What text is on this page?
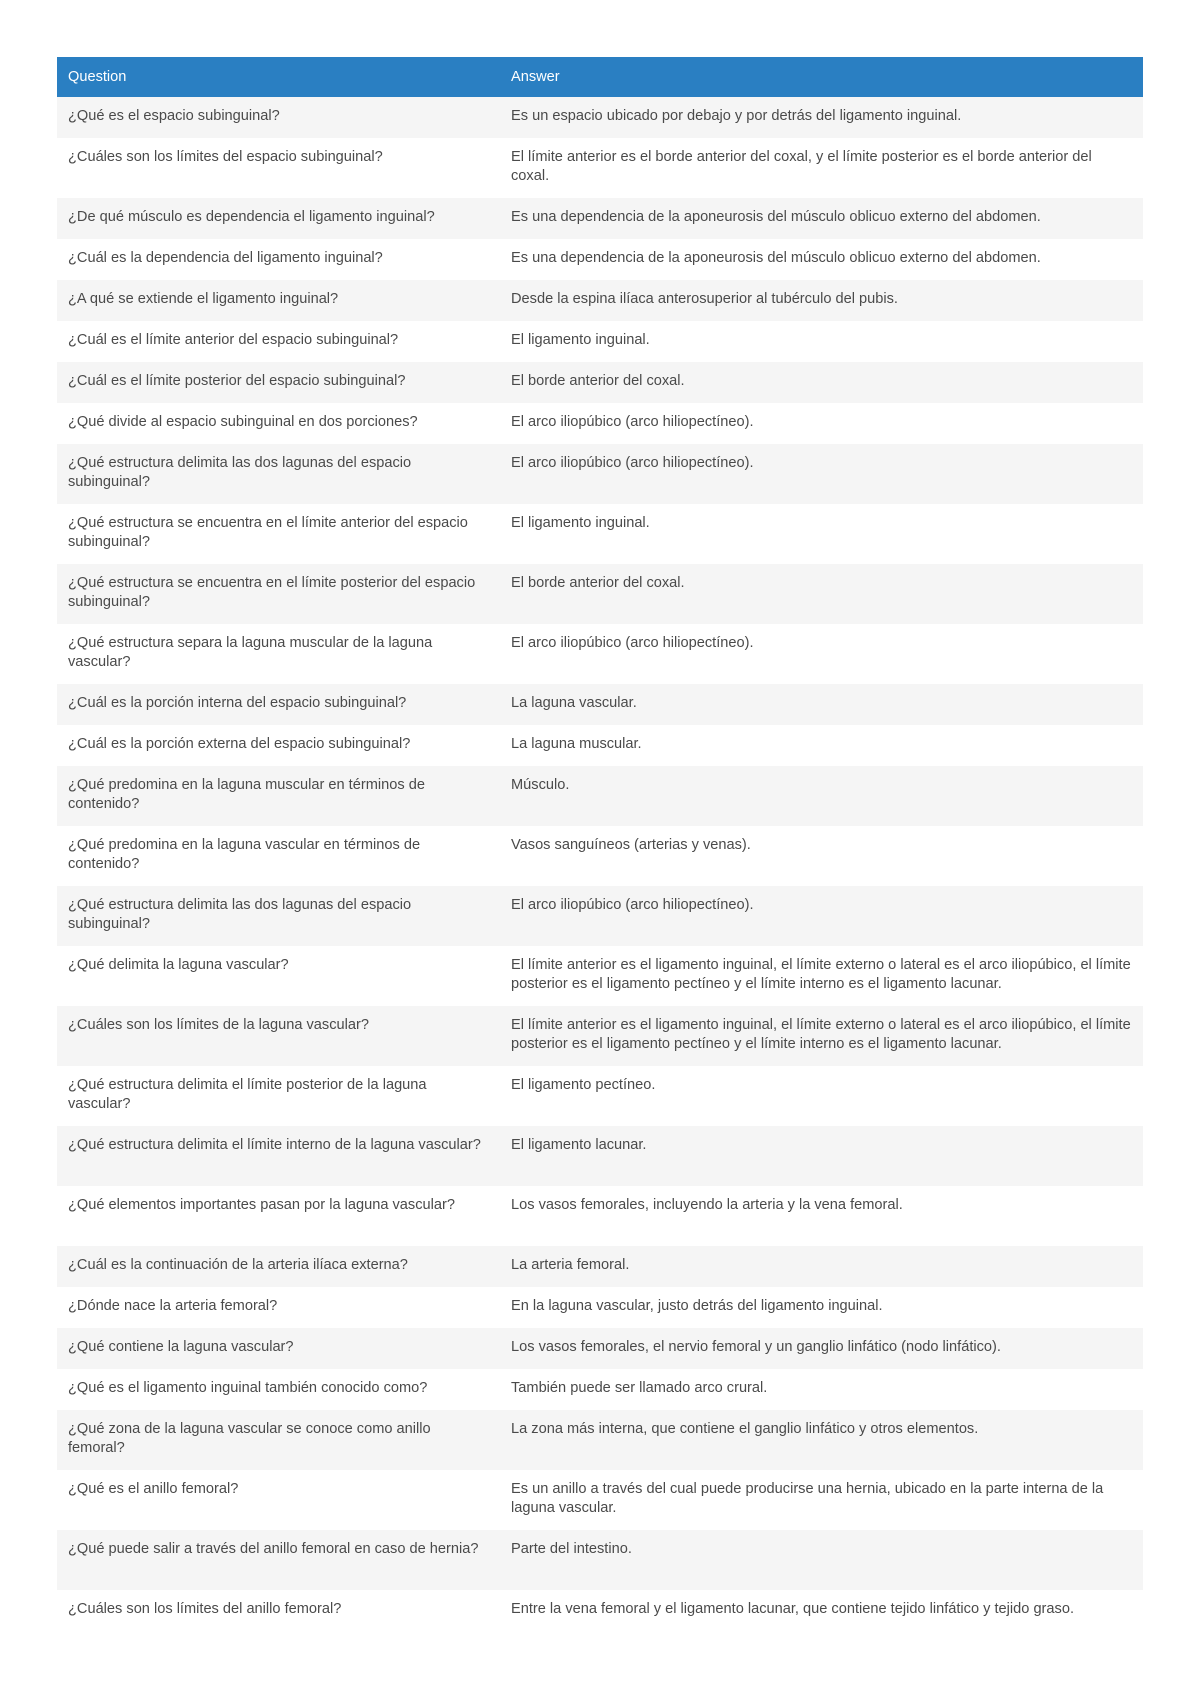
Question	Answer
¿Qué es el espacio subinguinal?	Es un espacio ubicado por debajo y por detrás del ligamento inguinal.
¿Cuáles son los límites del espacio subinguinal?	El límite anterior es el borde anterior del coxal, y el límite posterior es el borde anterior del coxal.
¿De qué músculo es dependencia el ligamento inguinal?	Es una dependencia de la aponeurosis del músculo oblicuo externo del abdomen.
¿Cuál es la dependencia del ligamento inguinal?	Es una dependencia de la aponeurosis del músculo oblicuo externo del abdomen.
¿A qué se extiende el ligamento inguinal?	Desde la espina ilíaca anterosuperior al tubérculo del pubis.
¿Cuál es el límite anterior del espacio subinguinal?	El ligamento inguinal.
¿Cuál es el límite posterior del espacio subinguinal?	El borde anterior del coxal.
¿Qué divide al espacio subinguinal en dos porciones?	El arco iliopúbico (arco hiliopectíneo).
¿Qué estructura delimita las dos lagunas del espacio subinguinal?	El arco iliopúbico (arco hiliopectíneo).
¿Qué estructura se encuentra en el límite anterior del espacio subinguinal?	El ligamento inguinal.
¿Qué estructura se encuentra en el límite posterior del espacio subinguinal?	El borde anterior del coxal.
¿Qué estructura separa la laguna muscular de la laguna vascular?	El arco iliopúbico (arco hiliopectíneo).
¿Cuál es la porción interna del espacio subinguinal?	La laguna vascular.
¿Cuál es la porción externa del espacio subinguinal?	La laguna muscular.
¿Qué predomina en la laguna muscular en términos de contenido?	Músculo.
¿Qué predomina en la laguna vascular en términos de contenido?	Vasos sanguíneos (arterias y venas).
¿Qué estructura delimita las dos lagunas del espacio subinguinal?	El arco iliopúbico (arco hiliopectíneo).
¿Qué delimita la laguna vascular?	El límite anterior es el ligamento inguinal, el límite externo o lateral es el arco iliopúbico, el límite posterior es el ligamento pectíneo y el límite interno es el ligamento lacunar.
¿Cuáles son los límites de la laguna vascular?	El límite anterior es el ligamento inguinal, el límite externo o lateral es el arco iliopúbico, el límite posterior es el ligamento pectíneo y el límite interno es el ligamento lacunar.
¿Qué estructura delimita el límite posterior de la laguna vascular?	El ligamento pectíneo.
¿Qué estructura delimita el límite interno de la laguna vascular?	El ligamento lacunar.
¿Qué elementos importantes pasan por la laguna vascular?	Los vasos femorales, incluyendo la arteria y la vena femoral.
¿Cuál es la continuación de la arteria ilíaca externa?	La arteria femoral.
¿Dónde nace la arteria femoral?	En la laguna vascular, justo detrás del ligamento inguinal.
¿Qué contiene la laguna vascular?	Los vasos femorales, el nervio femoral y un ganglio linfático (nodo linfático).
¿Qué es el ligamento inguinal también conocido como?	También puede ser llamado arco crural.
¿Qué zona de la laguna vascular se conoce como anillo femoral?	La zona más interna, que contiene el ganglio linfático y otros elementos.
¿Qué es el anillo femoral?	Es un anillo a través del cual puede producirse una hernia, ubicado en la parte interna de la laguna vascular.
¿Qué puede salir a través del anillo femoral en caso de hernia?	Parte del intestino.
¿Cuáles son los límites del anillo femoral?	Entre la vena femoral y el ligamento lacunar, que contiene tejido linfático y tejido graso.
